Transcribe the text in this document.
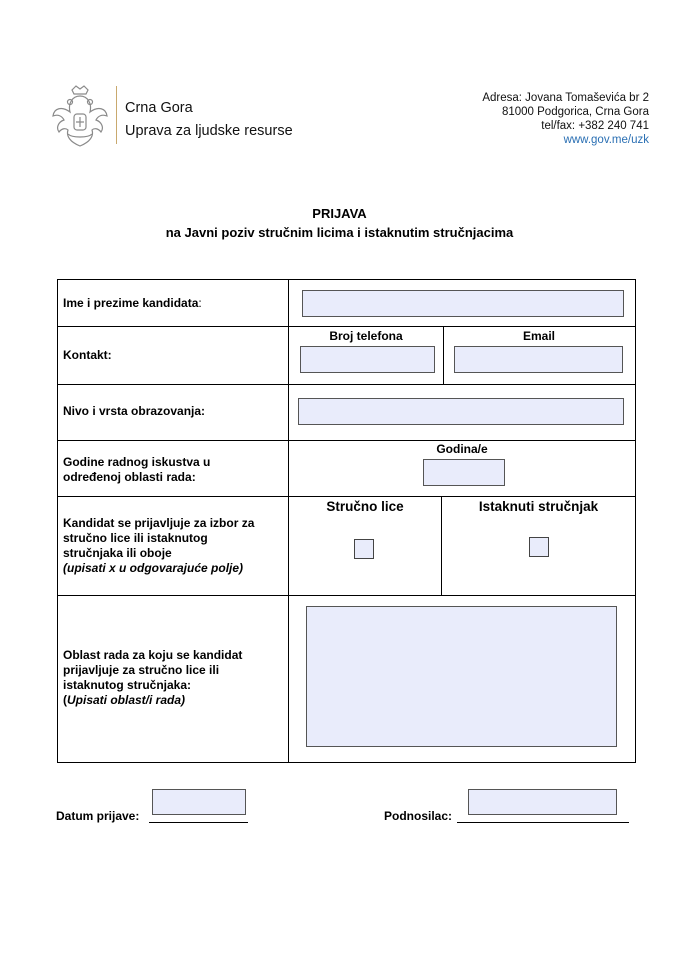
Crna Gora
Uprava za ljudske resurse
Adresa: Jovana Tomaševića br 2
81000 Podgorica, Crna Gora
tel/fax: +382 240 741
www.gov.me/uzk
PRIJAVA
na Javni poziv stručnim licima i istaknutim stručnjacima
Ime i prezime kandidata:
Kontakt:
Broj telefona	Email
Nivo i vrsta obrazovanja:
Godine radnog iskustva u
određenoj oblasti rada:
Godina/e
Kandidat se prijavljuje za izbor za
stručno lice ili istaknutog
stručnjaka ili oboje
(upisati x u odgovarajuće polje)
Stručno lice	Istaknuti stručnjak
Oblast rada za koju se kandidat
prijavljuje za stručno lice ili
istaknutog stručnjaka:
(Upisati oblast/i rada)
Datum prijave:	Podnosilac:
